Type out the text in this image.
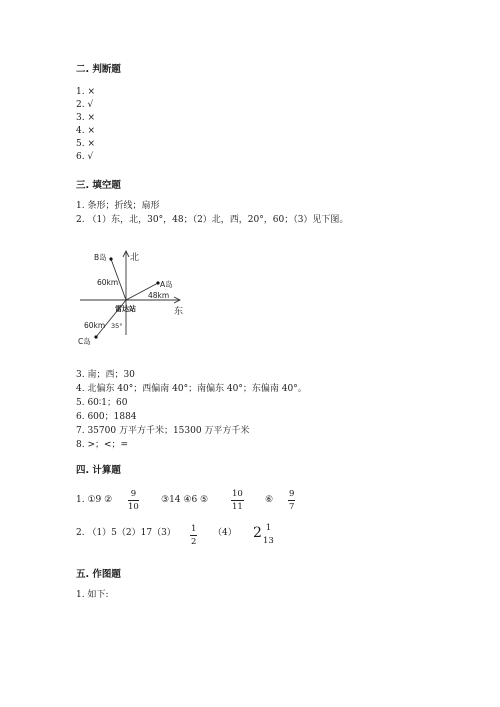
二. 判断题
1. ×
2. √
3. ×
4. ×
5. ×
6. √
三. 填空题
1. 条形；折线；扇形
2. （1）东，北，30°，48；（2）北，西，20°，60；（3）见下图。
北
东
B岛
60km	A岛
48km
C岛
60km 35°
雷达站
3. 南；西；30
4. 北偏东 40°；西偏南 40°；南偏东 40°；东偏南 40°。
5. 60∶1；60
6. 600；1884
7. 35700 万平方千米；15300 万平方千米
8. >；<；=
四. 计算题
1. ①9 ②
9
10
③14 ④6 ⑤
10
11
⑥
9
7
2. （1）5（2）17（3） 1
2
（4） 2 1
13
五. 作图题
1. 如下:
